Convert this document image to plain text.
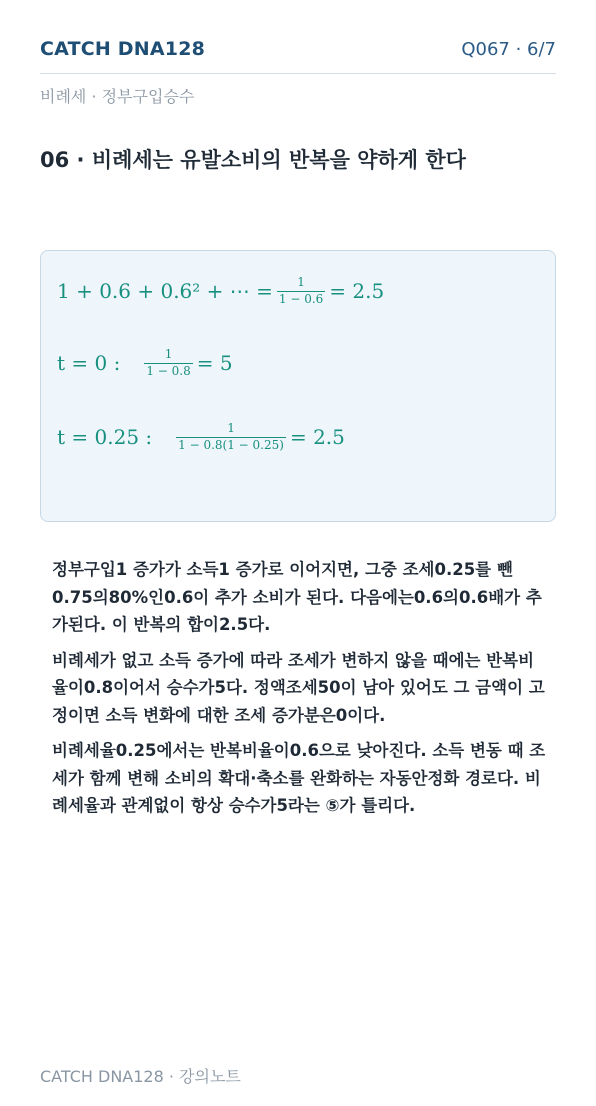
CATCH DNA128	Q067 · 6/7
비례세 · 정부구입승수
06 · 비례세는 유발소비의 반복을 약하게 한다
1 + 0.6 + 0.6² + ⋯ = $\frac{1}{1 - 0.6} = 2.5$
t = 0 : $\frac{1}{1 - 0.8} = 5$
t = 0.25 : $\frac{1}{1 - 0.8(1 - 0.25)} = 2.5$

정부구입1 증가가 소득1 증가로 이어지면, 그중 조세0.25를 뺀 0.75의80%인0.6이 추가 소비가 된다. 다음에는0.6의0.6배가 추가된다. 이 반복의 합이2.5다.

비례세가 없고 소득 증가에 따라 조세가 변하지 않을 때에는 반복비율이0.8이어서 승수가5다. 정액조세50이 남아 있어도 그 금액이 고정이면 소득 변화에 대한 조세 증가분은0이다.

비례세율0.25에서는 반복비율이0.6으로 낮아진다. 소득 변동 때 조세가 함께 변해 소비의 확대·축소를 완화하는 자동안정화 경로다. 비례세율과 관계없이 항상 승수가5라는 ⑤가 틀리다.

CATCH DNA128 · 강의노트
